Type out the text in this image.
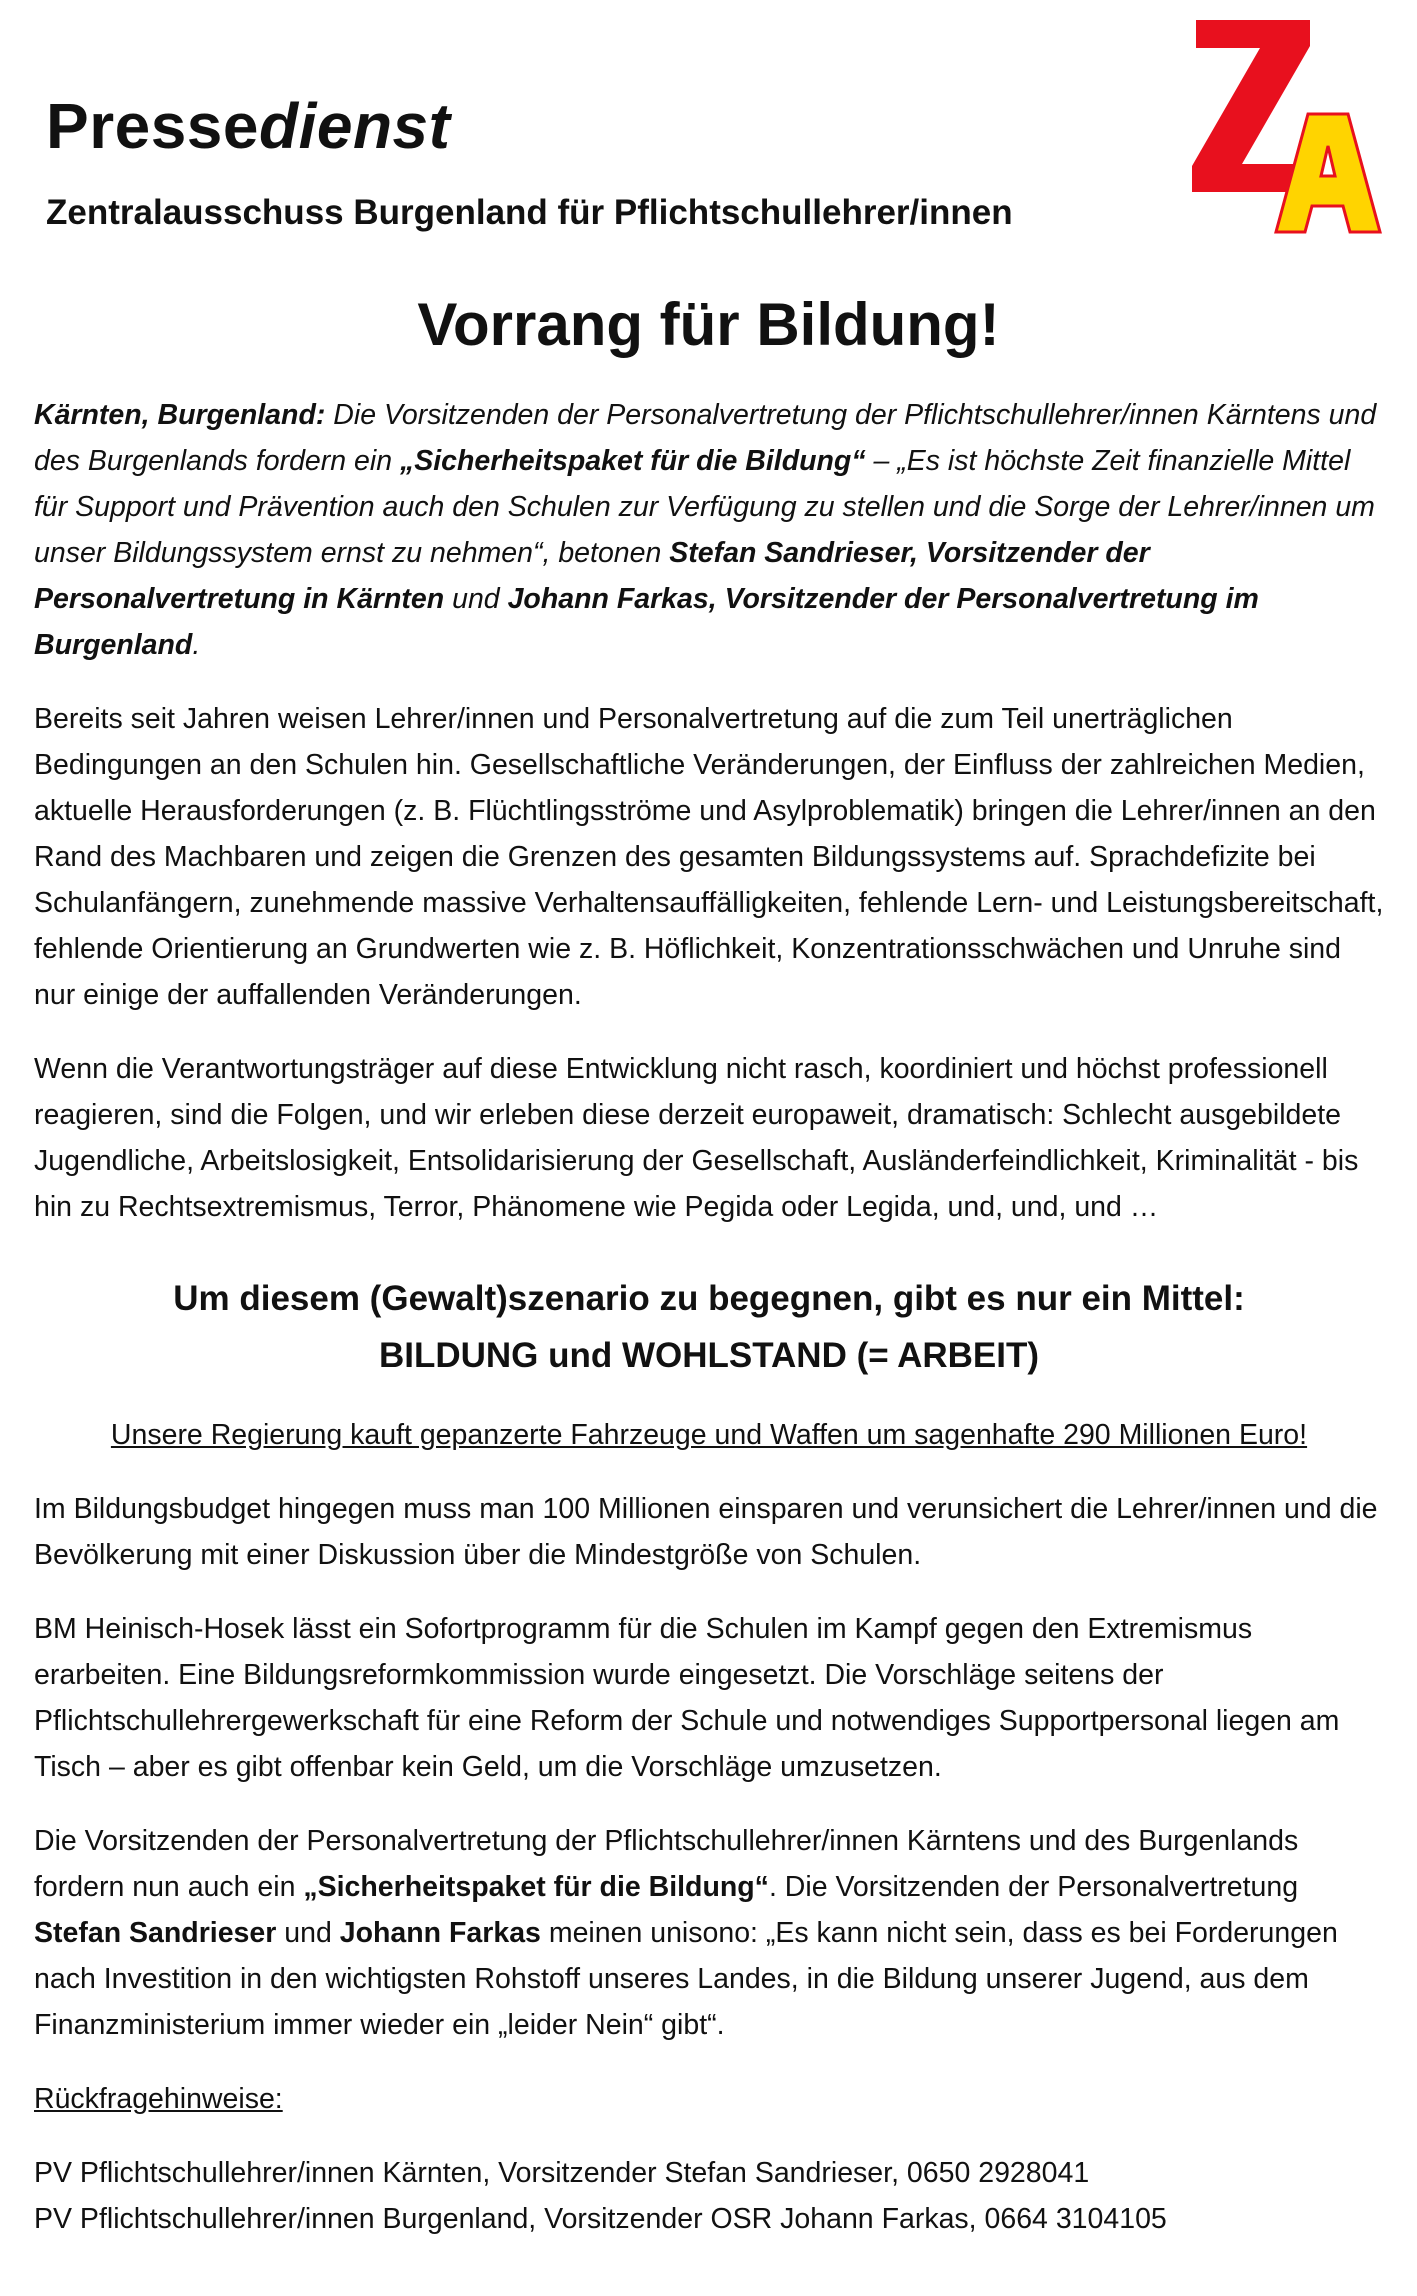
Pressedienst
Zentralausschuss Burgenland für Pflichtschullehrer/innen
Vorrang für Bildung!

Kärnten, Burgenland: Die Vorsitzenden der Personalvertretung der Pflichtschullehrer/innen Kärntens und des Burgenlands fordern ein „Sicherheitspaket für die Bildung“ – „Es ist höchste Zeit finanzielle Mittel für Support und Prävention auch den Schulen zur Verfügung zu stellen und die Sorge der Lehrer/innen um unser Bildungssystem ernst zu nehmen“, betonen Stefan Sandrieser, Vorsitzender der Personalvertretung in Kärnten und Johann Farkas, Vorsitzender der Personalvertretung im Burgenland.

Bereits seit Jahren weisen Lehrer/innen und Personalvertretung auf die zum Teil unerträglichen Bedingungen an den Schulen hin. Gesellschaftliche Veränderungen, der Einfluss der zahlreichen Medien, aktuelle Herausforderungen (z. B. Flüchtlingsströme und Asylproblematik) bringen die Lehrer/innen an den Rand des Machbaren und zeigen die Grenzen des gesamten Bildungssystems auf. Sprachdefizite bei Schulanfängern, zunehmende massive Verhaltensauffälligkeiten, fehlende Lern- und Leistungsbereitschaft, fehlende Orientierung an Grundwerten wie z. B. Höflichkeit, Konzentrationsschwächen und Unruhe sind nur einige der auffallenden Veränderungen.

Wenn die Verantwortungsträger auf diese Entwicklung nicht rasch, koordiniert und höchst professionell reagieren, sind die Folgen, und wir erleben diese derzeit europaweit, dramatisch: Schlecht ausgebildete Jugendliche, Arbeitslosigkeit, Entsolidarisierung der Gesellschaft, Ausländerfeindlichkeit, Kriminalität - bis hin zu Rechtsextremismus, Terror, Phänomene wie Pegida oder Legida, und, und, und …

Um diesem (Gewalt)szenario zu begegnen, gibt es nur ein Mittel:
BILDUNG und WOHLSTAND (= ARBEIT)

Unsere Regierung kauft gepanzerte Fahrzeuge und Waffen um sagenhafte 290 Millionen Euro!

Im Bildungsbudget hingegen muss man 100 Millionen einsparen und verunsichert die Lehrer/innen und die Bevölkerung mit einer Diskussion über die Mindestgröße von Schulen.

BM Heinisch-Hosek lässt ein Sofortprogramm für die Schulen im Kampf gegen den Extremismus erarbeiten. Eine Bildungsreformkommission wurde eingesetzt. Die Vorschläge seitens der Pflichtschullehrergewerkschaft für eine Reform der Schule und notwendiges Supportpersonal liegen am Tisch – aber es gibt offenbar kein Geld, um die Vorschläge umzusetzen.

Die Vorsitzenden der Personalvertretung der Pflichtschullehrer/innen Kärntens und des Burgenlands fordern nun auch ein „Sicherheitspaket für die Bildung“. Die Vorsitzenden der Personalvertretung Stefan Sandrieser und Johann Farkas meinen unisono: „Es kann nicht sein, dass es bei Forderungen nach Investition in den wichtigsten Rohstoff unseres Landes, in die Bildung unserer Jugend, aus dem Finanzministerium immer wieder ein „leider Nein“ gibt“.

Rückfragehinweise:

PV Pflichtschullehrer/innen Kärnten, Vorsitzender Stefan Sandrieser, 0650 2928041

PV Pflichtschullehrer/innen Burgenland, Vorsitzender OSR Johann Farkas, 0664 3104105
